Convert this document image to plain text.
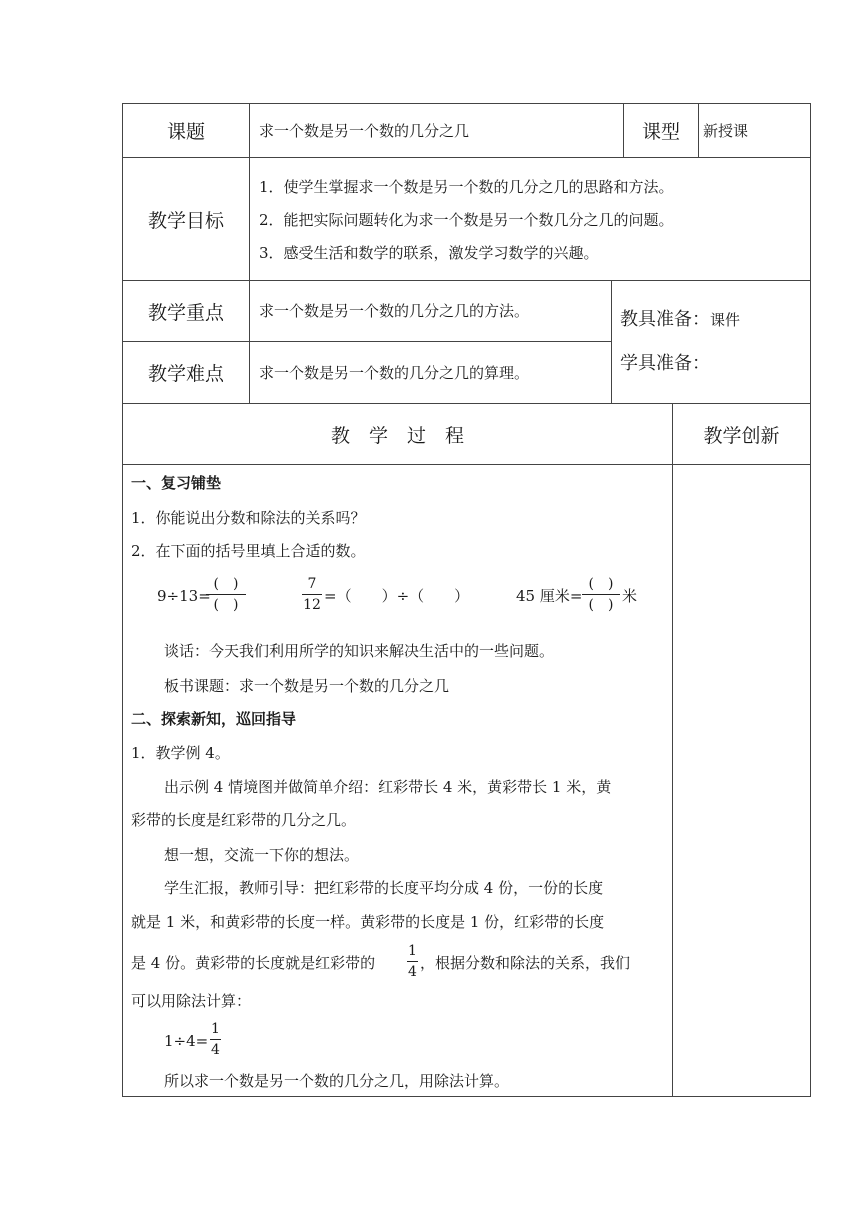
课题	求一个数是另一个数的几分之几	课型	新授课
教学目标
1．使学生掌握求一个数是另一个数的几分之几的思路和方法。
2．能把实际问题转化为求一个数是另一个数几分之几的问题。
3．感受生活和数学的联系，激发学习数学的兴趣。
教学重点	求一个数是另一个数的几分之几的方法。
教学难点	求一个数是另一个数的几分之几的算理。
教具准备：课件
学具准备：
教　学　过　程	教学创新
一、复习铺垫
1．你能说出分数和除法的关系吗？
2．在下面的括号里填上合适的数。
9÷13=
(　)
(　)
7
12 =（　　）÷（　　）	45 厘米=
(　)
(　) 米
谈话：今天我们利用所学的知识来解决生活中的一些问题。
板书课题：求一个数是另一个数的几分之几
二、探索新知，巡回指导
1．教学例 4。
出示例 4 情境图并做简单介绍：红彩带长 4 米，黄彩带长 1 米，黄
彩带的长度是红彩带的几分之几。
想一想，交流一下你的想法。
学生汇报，教师引导：把红彩带的长度平均分成 4 份，一份的长度
就是 1 米，和黄彩带的长度一样。黄彩带的长度是 1 份，红彩带的长度
是 4 份。黄彩带的长度就是红彩带的
1
4 ，根据分数和除法的关系，我们
可以用除法计算：
1÷4=
1
4
所以求一个数是另一个数的几分之几，用除法计算。
